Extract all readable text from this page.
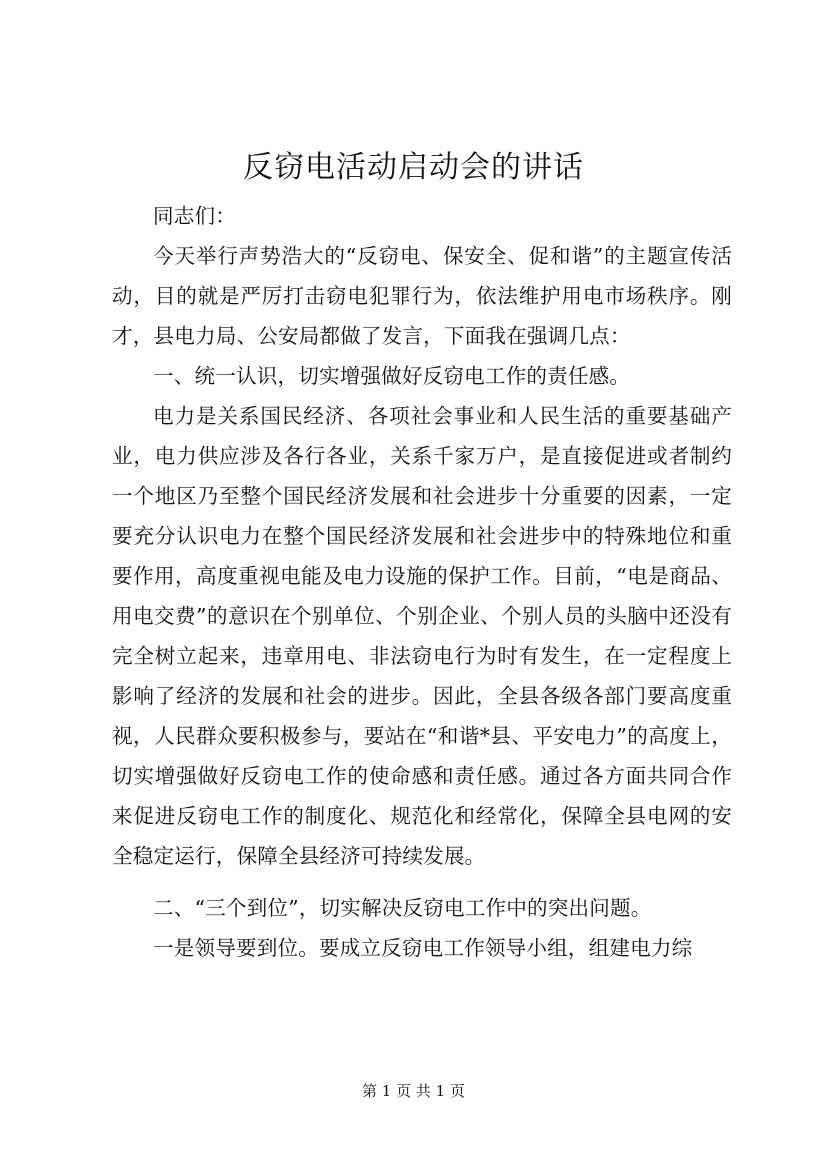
反窃电活动启动会的讲话

同志们：

今天举行声势浩大的“反窃电、保安全、促和谐”的主题宣传活动，目的就是严厉打击窃电犯罪行为，依法维护用电市场秩序。刚才，县电力局、公安局都做了发言，下面我在强调几点：

一、统一认识，切实增强做好反窃电工作的责任感。

电力是关系国民经济、各项社会事业和人民生活的重要基础产业，电力供应涉及各行各业，关系千家万户，是直接促进或者制约一个地区乃至整个国民经济发展和社会进步十分重要的因素，一定要充分认识电力在整个国民经济发展和社会进步中的特殊地位和重要作用，高度重视电能及电力设施的保护工作。目前，“电是商品、用电交费”的意识在个别单位、个别企业、个别人员的头脑中还没有完全树立起来，违章用电、非法窃电行为时有发生，在一定程度上影响了经济的发展和社会的进步。因此，全县各级各部门要高度重视，人民群众要积极参与，要站在“和谐*县、平安电力”的高度上，切实增强做好反窃电工作的使命感和责任感。通过各方面共同合作来促进反窃电工作的制度化、规范化和经常化，保障全县电网的安全稳定运行，保障全县经济可持续发展。

二、“三个到位”，切实解决反窃电工作中的突出问题。

一是领导要到位。要成立反窃电工作领导小组，组建电力综

第 1 页 共 1 页
